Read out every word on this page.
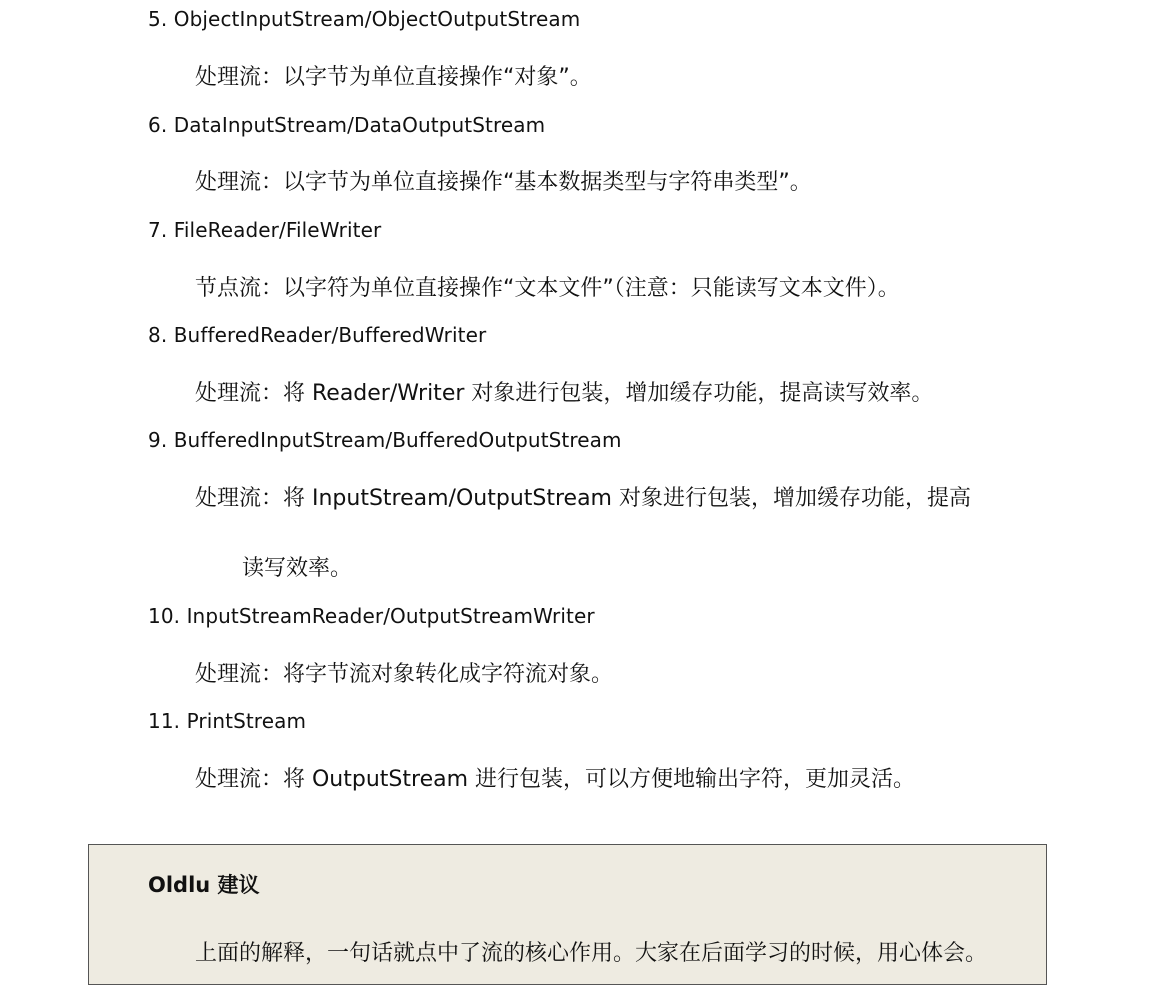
5. ObjectInputStream/ObjectOutputStream
处理流：以字节为单位直接操作“对象”。
6. DataInputStream/DataOutputStream
处理流：以字节为单位直接操作“基本数据类型与字符串类型”。
7. FileReader/FileWriter
节点流：以字符为单位直接操作“文本文件”（注意：只能读写文本文件）。
8. BufferedReader/BufferedWriter
处理流：将 Reader/Writer 对象进行包装，增加缓存功能，提高读写效率。
9. BufferedInputStream/BufferedOutputStream
处理流：将 InputStream/OutputStream 对象进行包装，增加缓存功能，提高
读写效率。
10. InputStreamReader/OutputStreamWriter
处理流：将字节流对象转化成字符流对象。
11. PrintStream
处理流：将 OutputStream 进行包装，可以方便地输出字符，更加灵活。
Oldlu 建议
上面的解释，一句话就点中了流的核心作用。大家在后面学习的时候，用心体会。
